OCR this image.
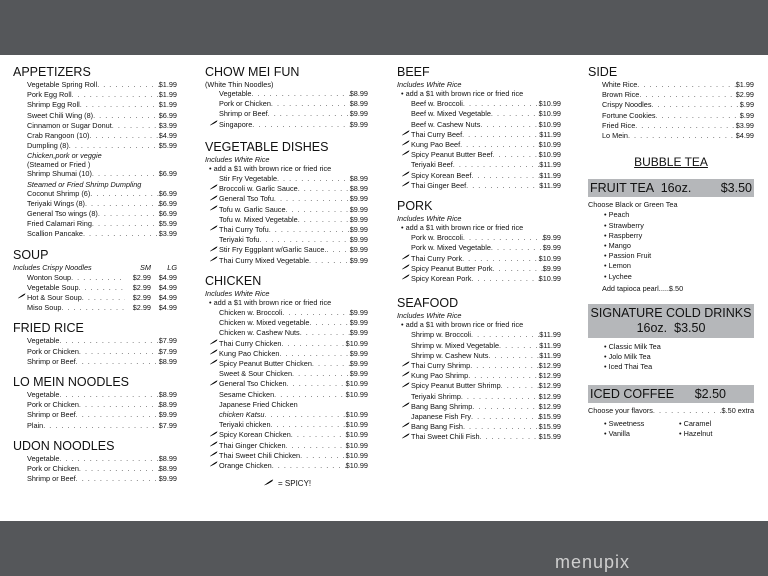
APPETIZERS
Vegetable Spring Roll . . .	$1.99
Pork Egg Roll . . .	$1.99
Shrimp Egg Roll . . .	$1.99
Sweet Chili Wing (8) . . .	$6.99
Cinnamon or Sugar Donut . . .	$3.99
Crab Rangoon (10) . . .	$4.99
Dumpling (8) . . .	$5.99
Chicken,pork or veggie
(Steamed or Fried )
Shrimp Shumai (10) . . .	$6.99
Steamed or Fried Shrimp Dumpling
Coconut Shrimp (6) . . .	$6.99
Teriyaki Wings (8) . . .	$6.99
General Tso wings (8) . . .	$6.99
Fried Calamari Ring . . .	$5.99
Scallion Pancake . . .	$3.99
SOUP
Includes Crispy Noodles	SM	LG
Wonton Soup . . .	$2.99	$4.99
Vegetable Soup . . .	$2.99	$4.99
Hot & Sour Soup . . .	$2.99	$4.99
Miso Soup . . .	$2.99	$4.99
FRIED RICE
Vegetable . . .	$7.99
Pork or Chicken . . .	$7.99
Shrimp or Beef . . .	$8.99
LO MEIN NOODLES
Vegetable . . .	$8.99
Pork or Chicken . . .	$8.99
Shrimp or Beef . . .	$9.99
Plain . . .	$7.99
UDON NOODLES
Vegetable . . .	$8.99
Pork or Chicken . . .	$8.99
Shrimp or Beef . . .	$9.99
CHOW MEI FUN
(White Thin Noodles)
Vegetable . . .	$8.99
Pork or Chicken . . .	$8.99
Shrimp or Beef . . .	$9.99
Singapore . . .	$9.99
VEGETABLE DISHES
Includes White Rice
• add a $1 with brown rice or fried rice
Stir Fry Vegetable . . .	$8.99
Broccoli w. Garlic Sauce . . .	$8.99
General Tso Tofu . . .	$9.99
Tofu w. Garlic Sauce . . .	$9.99
Tofu w. Mixed Vegetable . . .	$9.99
Thai Curry Tofu . . .	$9.99
Teriyaki Tofu . . .	$9.99
Stir Fry Eggplant w/Garlic Sauce. . . .	$9.99
Thai Curry Mixed Vegetable . . .	$9.99
CHICKEN
Includes White Rice
• add a $1 with brown rice or fried rice
Chicken w. Broccoli . . .	$9.99
Chicken w. Mixed vegetable . . .	$9.99
Chicken w. Cashew Nuts . . .	$9.99
Thai Curry Chicken . . .	$10.99
Kung Pao Chicken . . .	$9.99
Spicy Peanut Butter Chicken . . .	$9.99
Sweet & Sour Chicken . . .	$9.99
General Tso Chicken . . .	$10.99
Sesame Chicken . . .	$10.99
Japanese Fried Chicken
chicken Katsu . . .	$10.99
Teriyaki chicken . . .	$10.99
Spicy Korean Chicken . . .	$10.99
Thai Ginger Chicken . . .	$10.99
Thai Sweet Chili Chicken . . .	$10.99
Orange Chicken . . .	$10.99
= SPICY!
BEEF
Includes White Rice
• add a $1 with brown rice or fried rice
Beef w. Broccoli . . .	$10.99
Beef w. Mixed Vegetable . . .	$10.99
Beef w. Cashew Nuts . . .	$10.99
Thai Curry Beef . . .	$11.99
Kung Pao Beef . . .	$10.99
Spicy Peanut Butter Beef . . .	$10.99
Teriyaki Beef . . .	$11.99
Spicy Korean Beef . . .	$11.99
Thai Ginger Beef . . .	$11.99
PORK
Includes White Rice
• add a $1 with brown rice or fried rice
Pork w. Broccoli . . .	$9.99
Pork w. Mixed Vegetable . . .	$9.99
Thai Curry Pork . . .	$10.99
Spicy Peanut Butter Pork . . .	$9.99
Spicy Korean Pork . . .	$10.99
SEAFOOD
Includes White Rice
• add a $1 with brown rice or fried rice
Shrimp w. Broccoli . . .	$11.99
Shrimp w. Mixed Vegetable . . .	$11.99
Shrimp w. Cashew Nuts . . .	$11.99
Thai Curry Shrimp . . .	$12.99
Kung Pao Shrimp . . .	$12.99
Spicy Peanut Butter Shrimp . . .	$12.99
Teriyaki Shrimp . . .	$12.99
Bang Bang Shrimp . . .	$12.99
Japanese Fish Fry . . .	$15.99
Bang Bang Fish . . .	$15.99
Thai Sweet Chili Fish . . .	$15.99
SIDE
White Rice . . .	$1.99
Brown Rice . . .	$2.99
Crispy Noodles . . .	$.99
Fortune Cookies . . .	$.99
Fried Rice . . .	$3.99
Lo Mein . . .	$4.99
BUBBLE TEA
FRUIT TEA 16oz.	$3.50
Choose Black or Green Tea
• Peach
• Strawberry
• Raspberry
• Mango
• Passion Fruit
• Lemon
• Lychee
Add tapioca pearl.....$.50
SIGNATURE COLD DRINKS
16oz. $3.50
• Classic Milk Tea
• Jolo Milk Tea
• Iced Thai Tea
ICED COFFEE	$2.50
Choose your flavors . . .	$.50 extra
• Sweetness	• Caramel
• Vanilla	• Hazelnut
menupix
